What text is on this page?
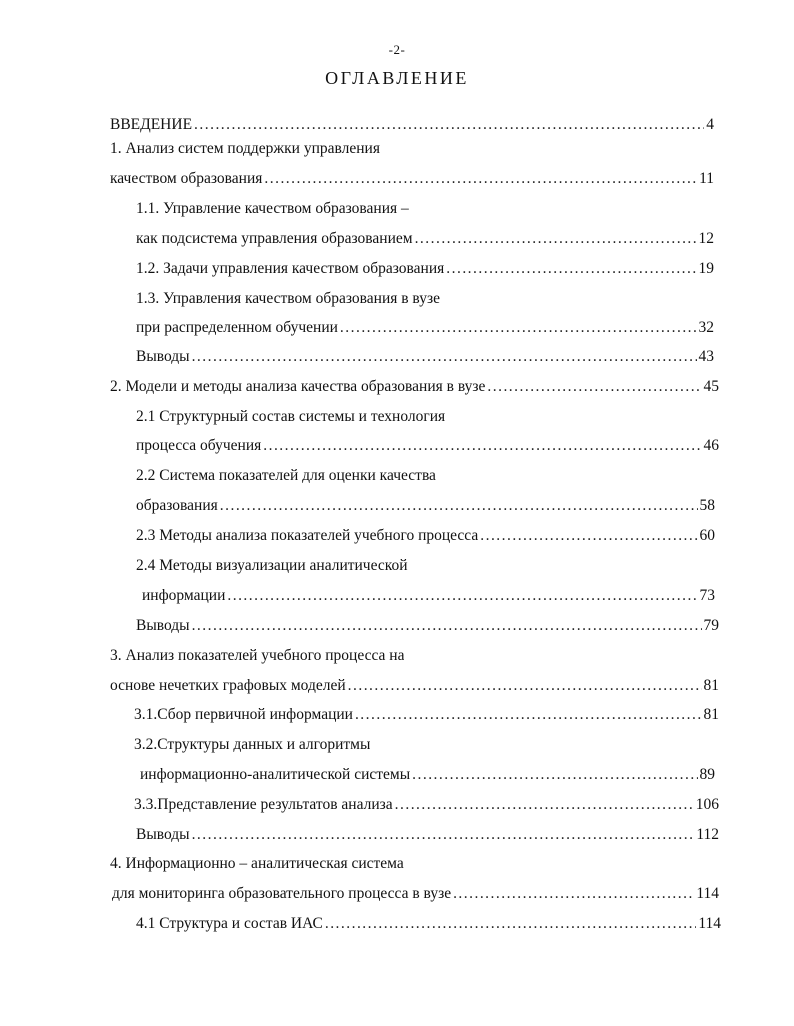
-2-
ОГЛАВЛЕНИЕ
ВВЕДЕНИЕ . . .	4
1. Анализ систем поддержки управления
качеством образования . . .	11
1.1. Управление качеством образования –
как подсистема управления образованием . . .	12
1.2. Задачи управления качеством образования . . .	19
1.3. Управления качеством образования в вузе
при распределенном обучении . . .	32
Выводы . . .	43
2. Модели и методы анализа качества образования в вузе . . .	45
2.1 Структурный состав системы и технология
процесса обучения . . .	46
2.2 Система показателей для оценки качества
образования . . .	58
2.3 Методы анализа показателей учебного процесса . . .	60
2.4 Методы визуализации аналитической
информации . . .	73
Выводы . . .	79
3. Анализ показателей учебного процесса на
основе нечетких графовых моделей . . .	81
3.1.Сбор первичной информации . . .	81
3.2.Структуры данных и алгоритмы
информационно-аналитической системы . . .	89
3.3.Представление результатов анализа . . .	106
Выводы . . .	112
4. Информационно – аналитическая система
для мониторинга образовательного процесса в вузе . . .	114
4.1 Структура и состав ИАС . . .	114
